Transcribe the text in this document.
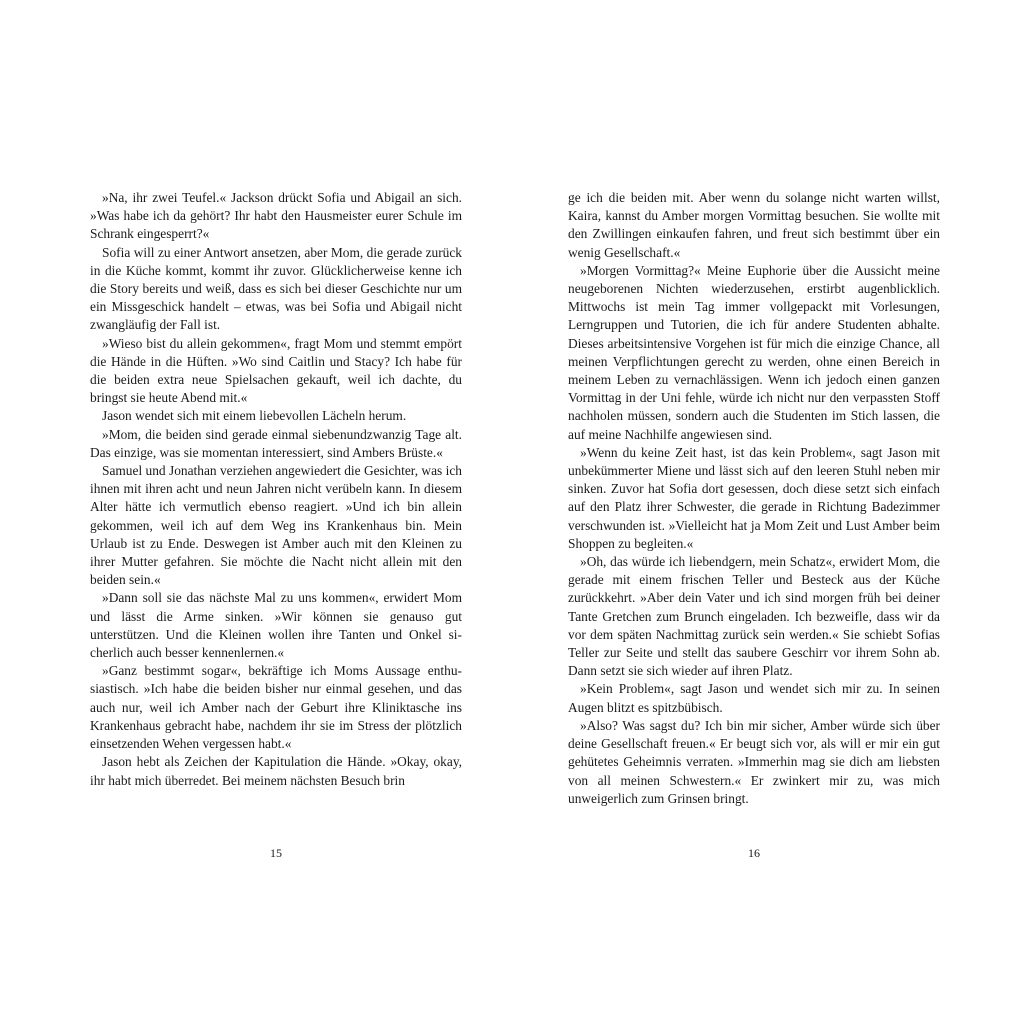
»Na, ihr zwei Teufel.« Jackson drückt Sofia und Abigail an sich. »Was habe ich da gehört? Ihr habt den Hausmeister eurer Schule im Schrank eingesperrt?«

Sofia will zu einer Antwort ansetzen, aber Mom, die gerade zurück in die Küche kommt, kommt ihr zuvor. Glücklicherweise kenne ich die Story bereits und weiß, dass es sich bei dieser Geschichte nur um ein Missgeschick handelt – etwas, was bei Sofia und Abigail nicht zwangläufig der Fall ist.

»Wieso bist du allein gekommen«, fragt Mom und stemmt empört die Hände in die Hüften. »Wo sind Caitlin und Stacy? Ich habe für die beiden extra neue Spielsachen gekauft, weil ich dachte, du bringst sie heute Abend mit.«

Jason wendet sich mit einem liebevollen Lächeln herum.

»Mom, die beiden sind gerade einmal siebenundzwanzig Tage alt. Das einzige, was sie momentan interessiert, sind Ambers Brüste.«

Samuel und Jonathan verziehen angewiedert die Gesichter, was ich ihnen mit ihren acht und neun Jahren nicht verübeln kann. In diesem Alter hätte ich vermutlich ebenso reagiert. »Und ich bin allein gekommen, weil ich auf dem Weg ins Krankenhaus bin. Mein Urlaub ist zu Ende. Deswegen ist Amber auch mit den Kleinen zu ihrer Mutter gefahren. Sie möchte die Nacht nicht allein mit den beiden sein.«

»Dann soll sie das nächste Mal zu uns kommen«, erwidert Mom und lässt die Arme sinken. »Wir können sie genauso gut unterstützen. Und die Kleinen wollen ihre Tanten und Onkel sicherlich auch besser kennenlernen.«

»Ganz bestimmt sogar«, bekräftige ich Moms Aussage enthusiastisch. »Ich habe die beiden bisher nur einmal gesehen, und das auch nur, weil ich Amber nach der Geburt ihre Kliniktasche ins Krankenhaus gebracht habe, nachdem ihr sie im Stress der plötzlich einsetzenden Wehen vergessen habt.«

Jason hebt als Zeichen der Kapitulation die Hände. »Okay, okay, ihr habt mich überredet. Bei meinem nächsten Besuch brin

15

ge ich die beiden mit. Aber wenn du solange nicht warten willst, Kaira, kannst du Amber morgen Vormittag besuchen. Sie wollte mit den Zwillingen einkaufen fahren, und freut sich bestimmt über ein wenig Gesellschaft.«

»Morgen Vormittag?« Meine Euphorie über die Aussicht meine neugeborenen Nichten wiederzusehen, erstirbt augenblicklich. Mittwochs ist mein Tag immer vollgepackt mit Vorlesungen, Lerngruppen und Tutorien, die ich für andere Studenten abhalte. Dieses arbeitsintensive Vorgehen ist für mich die einzige Chance, all meinen Verpflichtungen gerecht zu werden, ohne einen Bereich in meinem Leben zu vernachlässigen. Wenn ich jedoch einen ganzen Vormittag in der Uni fehle, würde ich nicht nur den verpassten Stoff nachholen müssen, sondern auch die Studenten im Stich lassen, die auf meine Nachhilfe angewiesen sind.

»Wenn du keine Zeit hast, ist das kein Problem«, sagt Jason mit unbekümmerter Miene und lässt sich auf den leeren Stuhl neben mir sinken. Zuvor hat Sofia dort gesessen, doch diese setzt sich einfach auf den Platz ihrer Schwester, die gerade in Richtung Badezimmer verschwunden ist. »Vielleicht hat ja Mom Zeit und Lust Amber beim Shoppen zu begleiten.«

»Oh, das würde ich liebendgern, mein Schatz«, erwidert Mom, die gerade mit einem frischen Teller und Besteck aus der Küche zurückkehrt. »Aber dein Vater und ich sind morgen früh bei deiner Tante Gretchen zum Brunch eingeladen. Ich bezweifle, dass wir da vor dem späten Nachmittag zurück sein werden.« Sie schiebt Sofias Teller zur Seite und stellt das saubere Geschirr vor ihrem Sohn ab. Dann setzt sie sich wieder auf ihren Platz.

»Kein Problem«, sagt Jason und wendet sich mir zu. In seinen Augen blitzt es spitzbübisch.

»Also? Was sagst du? Ich bin mir sicher, Amber würde sich über deine Gesellschaft freuen.« Er beugt sich vor, als will er mir ein gut gehütetes Geheimnis verraten. »Immerhin mag sie dich am liebsten von all meinen Schwestern.« Er zwinkert mir zu, was mich unweigerlich zum Grinsen bringt.

16
